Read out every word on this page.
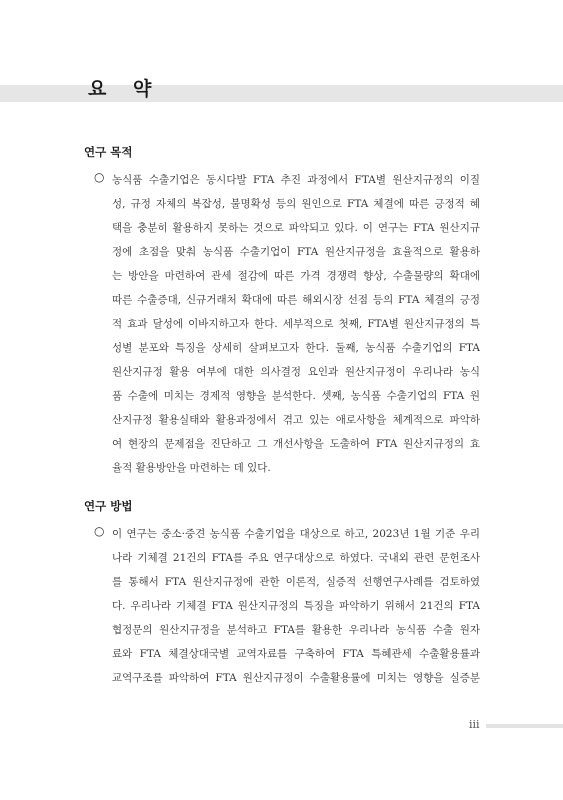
요 약
연구 목적
○ 농식품 수출기업은 동시다발 FTA 추진 과정에서 FTA별 원산지규정의 이질
성, 규정 자체의 복잡성, 불명확성 등의 원인으로 FTA 체결에 따른 긍정적 혜
택을 충분히 활용하지 못하는 것으로 파악되고 있다. 이 연구는 FTA 원산지규
정에 초점을 맞춰 농식품 수출기업이 FTA 원산지규정을 효율적으로 활용하
는 방안을 마련하여 관세 절감에 따른 가격 경쟁력 향상, 수출물량의 확대에
따른 수출증대, 신규거래처 확대에 따른 해외시장 선점 등의 FTA 체결의 긍정
적 효과 달성에 이바지하고자 한다. 세부적으로 첫째, FTA별 원산지규정의 특
성별 분포와 특징을 상세히 살펴보고자 한다. 둘째, 농식품 수출기업의 FTA
원산지규정 활용 여부에 대한 의사결정 요인과 원산지규정이 우리나라 농식
품 수출에 미치는 경제적 영향을 분석한다. 셋째, 농식품 수출기업의 FTA 원
산지규정 활용실태와 활용과정에서 겪고 있는 애로사항을 체계적으로 파악하
여 현장의 문제점을 진단하고 그 개선사항을 도출하여 FTA 원산지규정의 효
율적 활용방안을 마련하는 데 있다.
연구 방법
○ 이 연구는 중소·중견 농식품 수출기업을 대상으로 하고, 2023년 1월 기준 우리
나라 기체결 21건의 FTA를 주요 연구대상으로 하였다. 국내외 관련 문헌조사
를 통해서 FTA 원산지규정에 관한 이론적, 실증적 선행연구사례를 검토하였
다. 우리나라 기체결 FTA 원산지규정의 특징을 파악하기 위해서 21건의 FTA
협정문의 원산지규정을 분석하고 FTA를 활용한 우리나라 농식품 수출 원자
료와 FTA 체결상대국별 교역자료를 구축하여 FTA 특혜관세 수출활용률과
교역구조를 파악하여 FTA 원산지규정이 수출활용률에 미치는 영향을 실증분
iii
